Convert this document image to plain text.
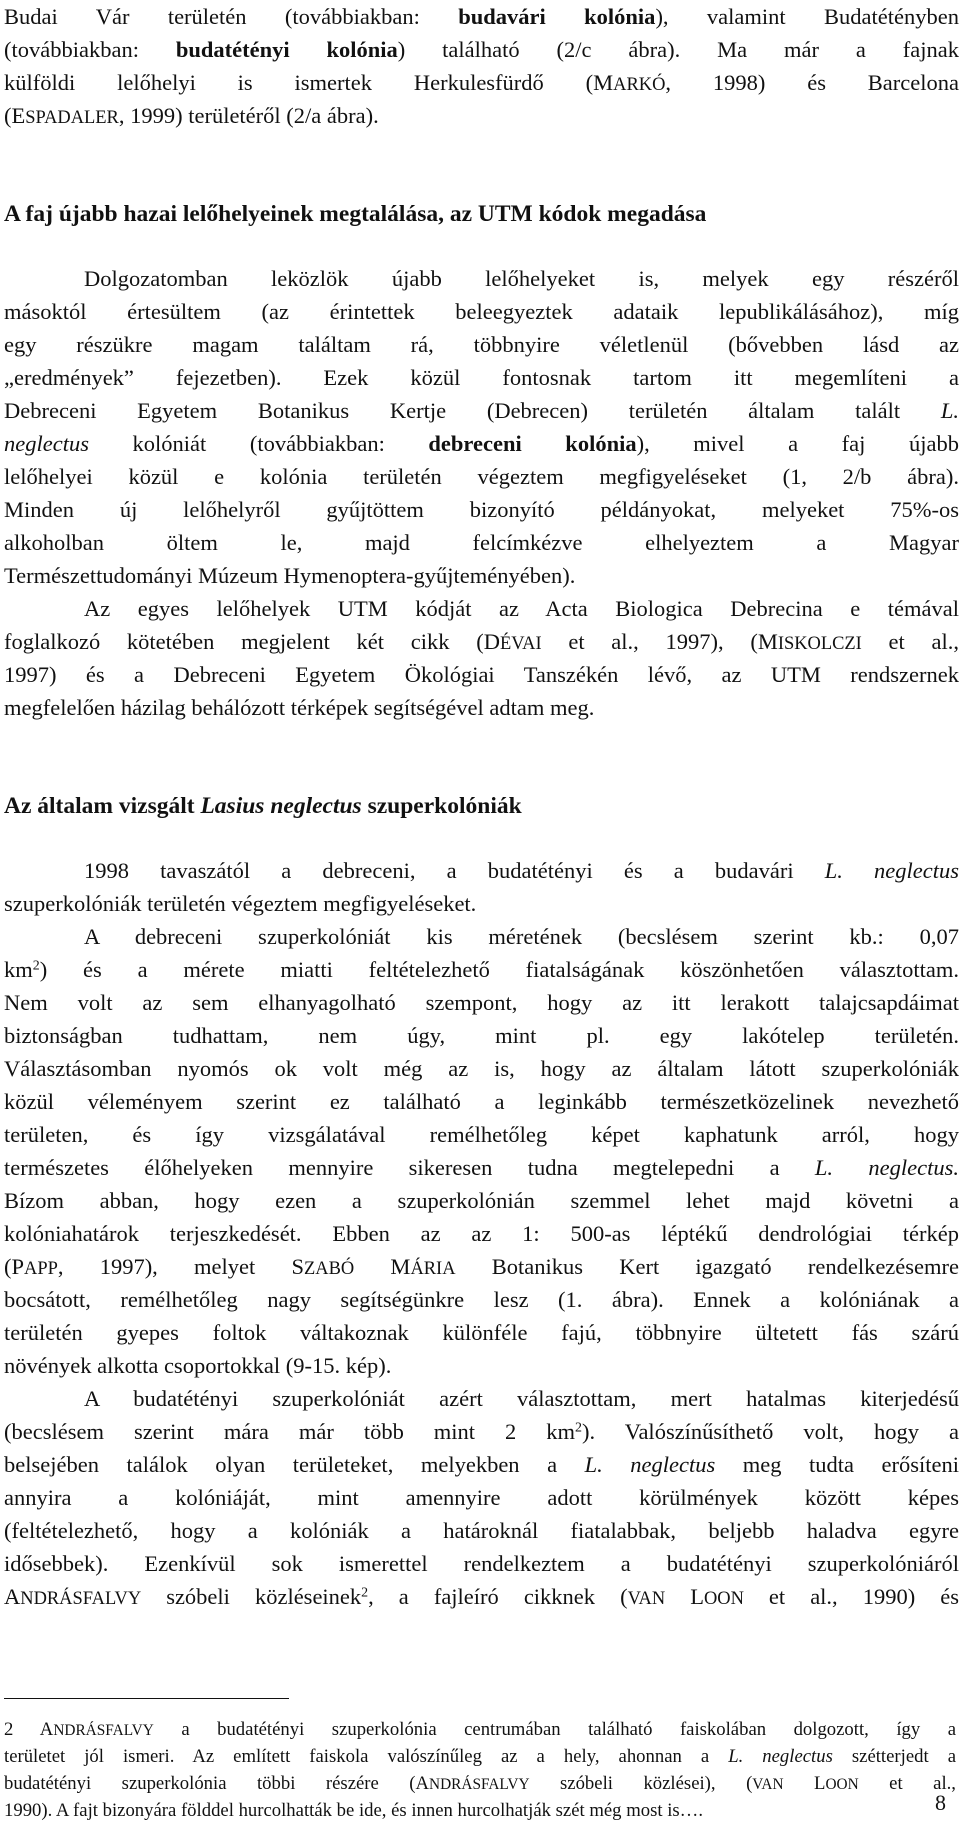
Budai Vár területén (továbbiakban: budavári kolónia), valamint Budatétényben
(továbbiakban: budatétényi kolónia) található (2/c ábra). Ma már a fajnak
külföldi lelőhelyi is ismertek Herkulesfürdő (MARKÓ, 1998) és Barcelona
(ESPADALER, 1999) területéről (2/a ábra).
A faj újabb hazai lelőhelyeinek megtalálása, az UTM kódok megadása
Dolgozatomban leközlök újabb lelőhelyeket is, melyek egy részéről
másoktól értesültem (az érintettek beleegyeztek adataik lepublikálásához), míg
egy részükre magam találtam rá, többnyire véletlenül (bővebben lásd az
„eredmények” fejezetben). Ezek közül fontosnak tartom itt megemlíteni a
Debreceni Egyetem Botanikus Kertje (Debrecen) területén általam talált L.
neglectus kolóniát (továbbiakban: debreceni kolónia), mivel a faj újabb
lelőhelyei közül e kolónia területén végeztem megfigyeléseket (1, 2/b ábra).
Minden új lelőhelyről gyűjtöttem bizonyító példányokat, melyeket 75%-os
alkoholban öltem le, majd felcímkézve elhelyeztem a Magyar
Természettudományi Múzeum Hymenoptera-gyűjteményében).
Az egyes lelőhelyek UTM kódját az Acta Biologica Debrecina e témával
foglalkozó kötetében megjelent két cikk (DÉVAI et al., 1997), (MISKOLCZI et al.,
1997) és a Debreceni Egyetem Ökológiai Tanszékén lévő, az UTM rendszernek
megfelelően házilag behálózott térképek segítségével adtam meg.
Az általam vizsgált Lasius neglectus szuperkolóniák
1998 tavaszától a debreceni, a budatétényi és a budavári L. neglectus
szuperkolóniák területén végeztem megfigyeléseket.
A debreceni szuperkolóniát kis méretének (becslésem szerint kb.: 0,07
$km^2$) és a mérete miatti feltételezhető fiatalságának köszönhetően választottam.
Nem volt az sem elhanyagolható szempont, hogy az itt lerakott talajcsapdáimat
biztonságban tudhattam, nem úgy, mint pl. egy lakótelep területén.
Választásomban nyomós ok volt még az is, hogy az általam látott szuperkolóniák
közül véleményem szerint ez található a leginkább természetközelinek nevezhető
területen, és így vizsgálatával remélhetőleg képet kaphatunk arról, hogy
természetes élőhelyeken mennyire sikeresen tudna megtelepedni a L. neglectus.
Bízom abban, hogy ezen a szuperkolónián szemmel lehet majd követni a
kolóniahatárok terjeszkedését. Ebben az az 1: 500-as léptékű dendrológiai térkép
(PAPP, 1997), melyet SZABÓ MÁRIA Botanikus Kert igazgató rendelkezésemre
bocsátott, remélhetőleg nagy segítségünkre lesz (1. ábra). Ennek a kolóniának a
területén gyepes foltok váltakoznak különféle fajú, többnyire ültetett fás szárú
növények alkotta csoportokkal (9-15. kép).
A budatétényi szuperkolóniát azért választottam, mert hatalmas kiterjedésű
(becslésem szerint mára már több mint 2 $km^2$). Valószínűsíthető volt, hogy a
belsejében találok olyan területeket, melyekben a L. neglectus meg tudta erősíteni
annyira a kolóniáját, mint amennyire adott körülmények között képes
(feltételezhető, hogy a kolóniák a határoknál fiatalabbak, beljebb haladva egyre
idősebbek). Ezenkívül sok ismerettel rendelkeztem a budatétényi szuperkolóniáról
ANDRÁSFALVY szóbeli közléseinek$^2$, a fajleíró cikknek (VAN LOON et al., 1990) és
2 ANDRÁSFALVY a budatétényi szuperkolónia centrumában található faiskolában dolgozott, így a
területet jól ismeri. Az említett faiskola valószínűleg az a hely, ahonnan a L. neglectus szétterjedt a
budatétényi szuperkolónia többi részére (ANDRÁSFALVY szóbeli közlései), (VAN LOON et al.,
1990). A fajt bizonyára földdel hurcolhatták be ide, és innen hurcolhatják szét még most is….	8
